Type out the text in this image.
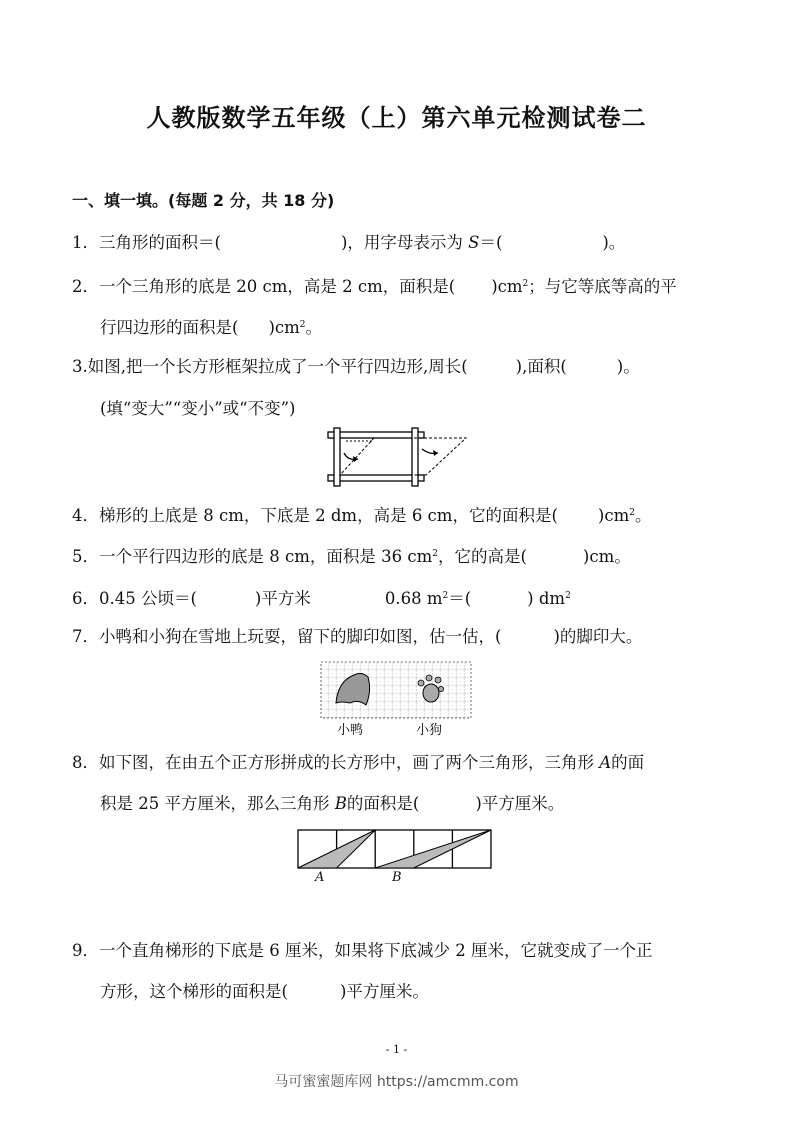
人教版数学五年级（上）第六单元检测试卷二
一、填一填。(每题 2 分，共 18 分)
1．三角形的面积＝(	)，用字母表示为 S＝(	)。
2．一个三角形的底是 20 cm，高是 2 cm，面积是( )$cm^2$；与它等底等高的平
行四边形的面积是( )$cm^2$。
3.如图,把一个长方形框架拉成了一个平行四边形,周长(	),面积(	)。
(填“变大”“变小”或“不变”)
4．梯形的上底是 8 cm，下底是 2 dm，高是 6 cm，它的面积是( )$cm^2$。
5．一个平行四边形的底是 8 cm，面积是 36 $cm^2$，它的高是(	)cm。
6．0.45 公顷＝(	)平方米	0.68 $m^2=$(	) $dm^2$
7．小鸭和小狗在雪地上玩耍，留下的脚印如图，估一估，(	)的脚印大。
小鸭	小狗
8．如下图，在由五个正方形拼成的长方形中，画了两个三角形，三角形 A的面
积是 25 平方厘米，那么三角形 B的面积是(	)平方厘米。
A	B
9．一个直角梯形的下底是 6 厘米，如果将下底减少 2 厘米，它就变成了一个正
方形，这个梯形的面积是(	)平方厘米。
- 1 -
马可蜜蜜题库网 https://amcmm.com
